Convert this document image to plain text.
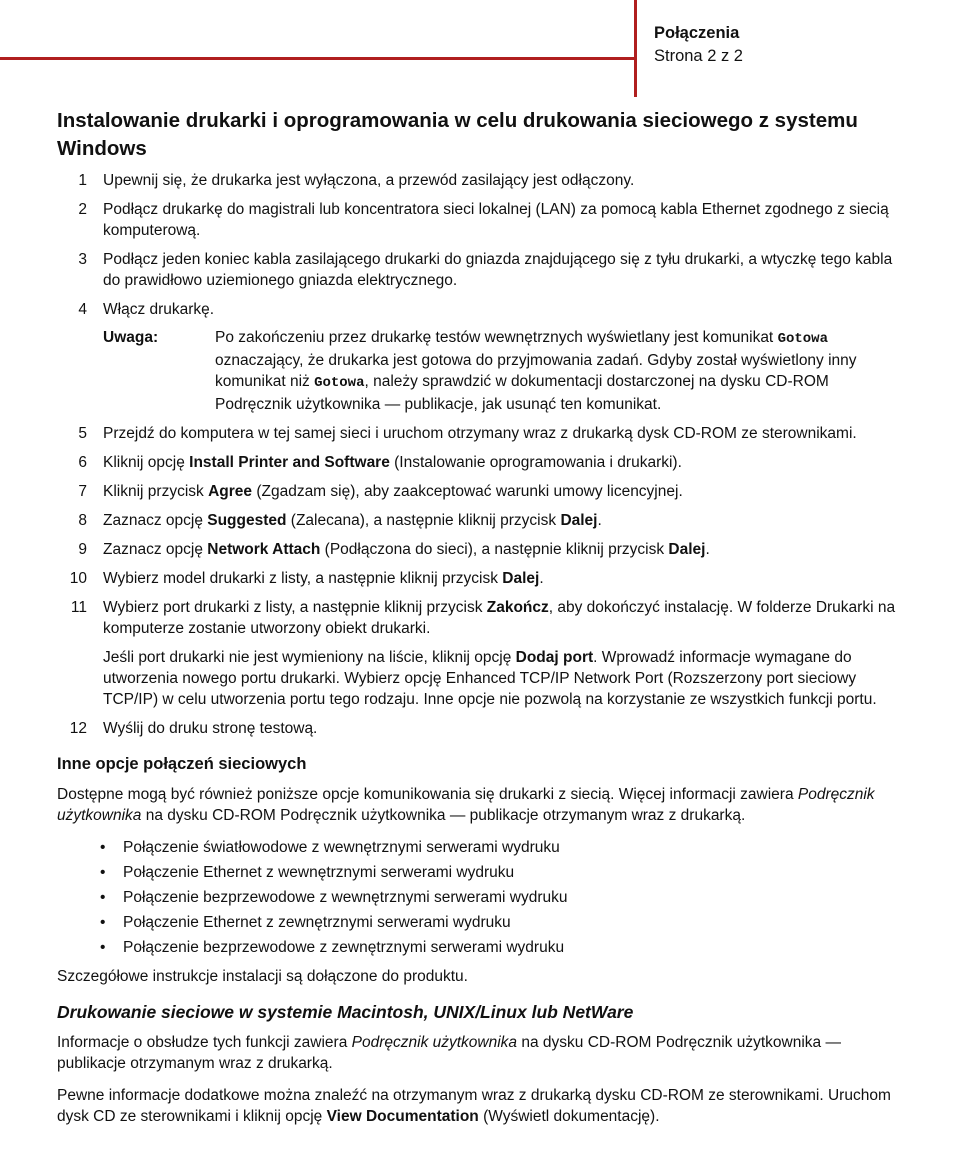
Połączenia
Strona 2 z 2
Instalowanie drukarki i oprogramowania w celu drukowania sieciowego z systemu Windows
1 Upewnij się, że drukarka jest wyłączona, a przewód zasilający jest odłączony.
2 Podłącz drukarkę do magistrali lub koncentratora sieci lokalnej (LAN) za pomocą kabla Ethernet zgodnego z siecią komputerową.
3 Podłącz jeden koniec kabla zasilającego drukarki do gniazda znajdującego się z tyłu drukarki, a wtyczkę tego kabla do prawidłowo uziemionego gniazda elektrycznego.
4 Włącz drukarkę.
Uwaga:	Po zakończeniu przez drukarkę testów wewnętrznych wyświetlany jest komunikat Gotowa oznaczający, że drukarka jest gotowa do przyjmowania zadań. Gdyby został wyświetlony inny komunikat niż Gotowa, należy sprawdzić w dokumentacji dostarczonej na dysku CD-ROM Podręcznik użytkownika — publikacje, jak usunąć ten komunikat.
5 Przejdź do komputera w tej samej sieci i uruchom otrzymany wraz z drukarką dysk CD-ROM ze sterownikami.
6 Kliknij opcję Install Printer and Software (Instalowanie oprogramowania i drukarki).
7 Kliknij przycisk Agree (Zgadzam się), aby zaakceptować warunki umowy licencyjnej.
8 Zaznacz opcję Suggested (Zalecana), a następnie kliknij przycisk Dalej.
9 Zaznacz opcję Network Attach (Podłączona do sieci), a następnie kliknij przycisk Dalej.
10 Wybierz model drukarki z listy, a następnie kliknij przycisk Dalej.
11 Wybierz port drukarki z listy, a następnie kliknij przycisk Zakończ, aby dokończyć instalację. W folderze Drukarki na komputerze zostanie utworzony obiekt drukarki.
Jeśli port drukarki nie jest wymieniony na liście, kliknij opcję Dodaj port. Wprowadź informacje wymagane do utworzenia nowego portu drukarki. Wybierz opcję Enhanced TCP/IP Network Port (Rozszerzony port sieciowy TCP/IP) w celu utworzenia portu tego rodzaju. Inne opcje nie pozwolą na korzystanie ze wszystkich funkcji portu.
12 Wyślij do druku stronę testową.
Inne opcje połączeń sieciowych
Dostępne mogą być również poniższe opcje komunikowania się drukarki z siecią. Więcej informacji zawiera Podręcznik użytkownika na dysku CD-ROM Podręcznik użytkownika — publikacje otrzymanym wraz z drukarką.
• Połączenie światłowodowe z wewnętrznymi serwerami wydruku
• Połączenie Ethernet z wewnętrznymi serwerami wydruku
• Połączenie bezprzewodowe z wewnętrznymi serwerami wydruku
• Połączenie Ethernet z zewnętrznymi serwerami wydruku
• Połączenie bezprzewodowe z zewnętrznymi serwerami wydruku
Szczegółowe instrukcje instalacji są dołączone do produktu.
Drukowanie sieciowe w systemie Macintosh, UNIX/Linux lub NetWare
Informacje o obsłudze tych funkcji zawiera Podręcznik użytkownika na dysku CD-ROM Podręcznik użytkownika — publikacje otrzymanym wraz z drukarką.
Pewne informacje dodatkowe można znaleźć na otrzymanym wraz z drukarką dysku CD-ROM ze sterownikami. Uruchom dysk CD ze sterownikami i kliknij opcję View Documentation (Wyświetl dokumentację).
